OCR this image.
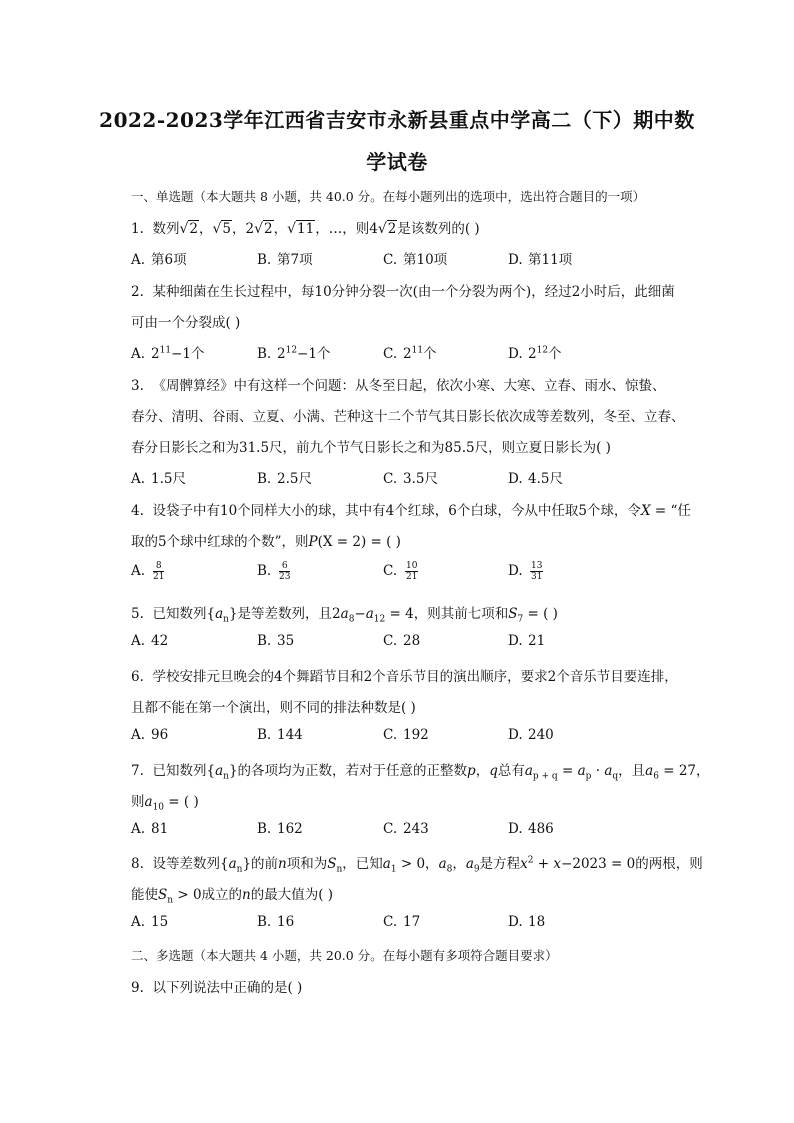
2022-2023学年江西省吉安市永新县重点中学高二（下）期中数
学试卷
一、单选题（本大题共 8 小题，共 40.0 分。在每小题列出的选项中，选出符合题目的一项）
1. 数列√2，√5，2√2，√11，…，则4√2是该数列的( )
A. 第6项	B. 第7项	C. 第10项	D. 第11项
2. 某种细菌在生长过程中，每10分钟分裂一次(由一个分裂为两个)，经过2小时后，此细菌
可由一个分裂成( )
A. $2^{11}-1$个	B. $2^{12}-1$个	C. $2^{11}$个	D. $2^{12}$个
3. 《周髀算经》中有这样一个问题：从冬至日起，依次小寒、大寒、立春、雨水、惊蛰、
春分、清明、谷雨、立夏、小满、芒种这十二个节气其日影长依次成等差数列，冬至、立春、
春分日影长之和为31.5尺，前九个节气日影长之和为85.5尺，则立夏日影长为( )
A. 1.5尺	B. 2.5尺	C. 3.5尺	D. 4.5尺
4. 设袋子中有10个同样大小的球，其中有4个红球，6个白球，今从中任取5个球，令X = “任
取的5个球中红球的个数”，则P(X = 2) = ( )
A. $\frac{8}{21}$	B. $\frac{6}{23}$	C. $\frac{10}{21}$	D. $\frac{13}{31}$
5. 已知数列$\{a_n\}$是等差数列，且$2a_8-a_{12} = 4$，则其前七项和$S_7$ = ( )
A. 42	B. 35	C. 28	D. 21
6. 学校安排元旦晚会的4个舞蹈节目和2个音乐节目的演出顺序，要求2个音乐节目要连排，
且都不能在第一个演出，则不同的排法种数是( )
A. 96	B. 144	C. 192	D. 240
7. 已知数列$\{a_n\}$的各项均为正数，若对于任意的正整数p，q总有$a_{p + q} = a_p \cdot a_q$，且$a_6 = 27$，
则$a_{10}$ = ( )
A. 81	B. 162	C. 243	D. 486
8. 设等差数列$\{a_n\}$的前n项和为$S_n$，已知$a_1 > 0$，$a_8$，$a_9$是方程$x^2 + x-2023 = 0$的两根，则
能使$S_n > 0$成立的n的最大值为( )
A. 15	B. 16	C. 17	D. 18
二、多选题（本大题共 4 小题，共 20.0 分。在每小题有多项符合题目要求）
9. 以下列说法中正确的是( )
